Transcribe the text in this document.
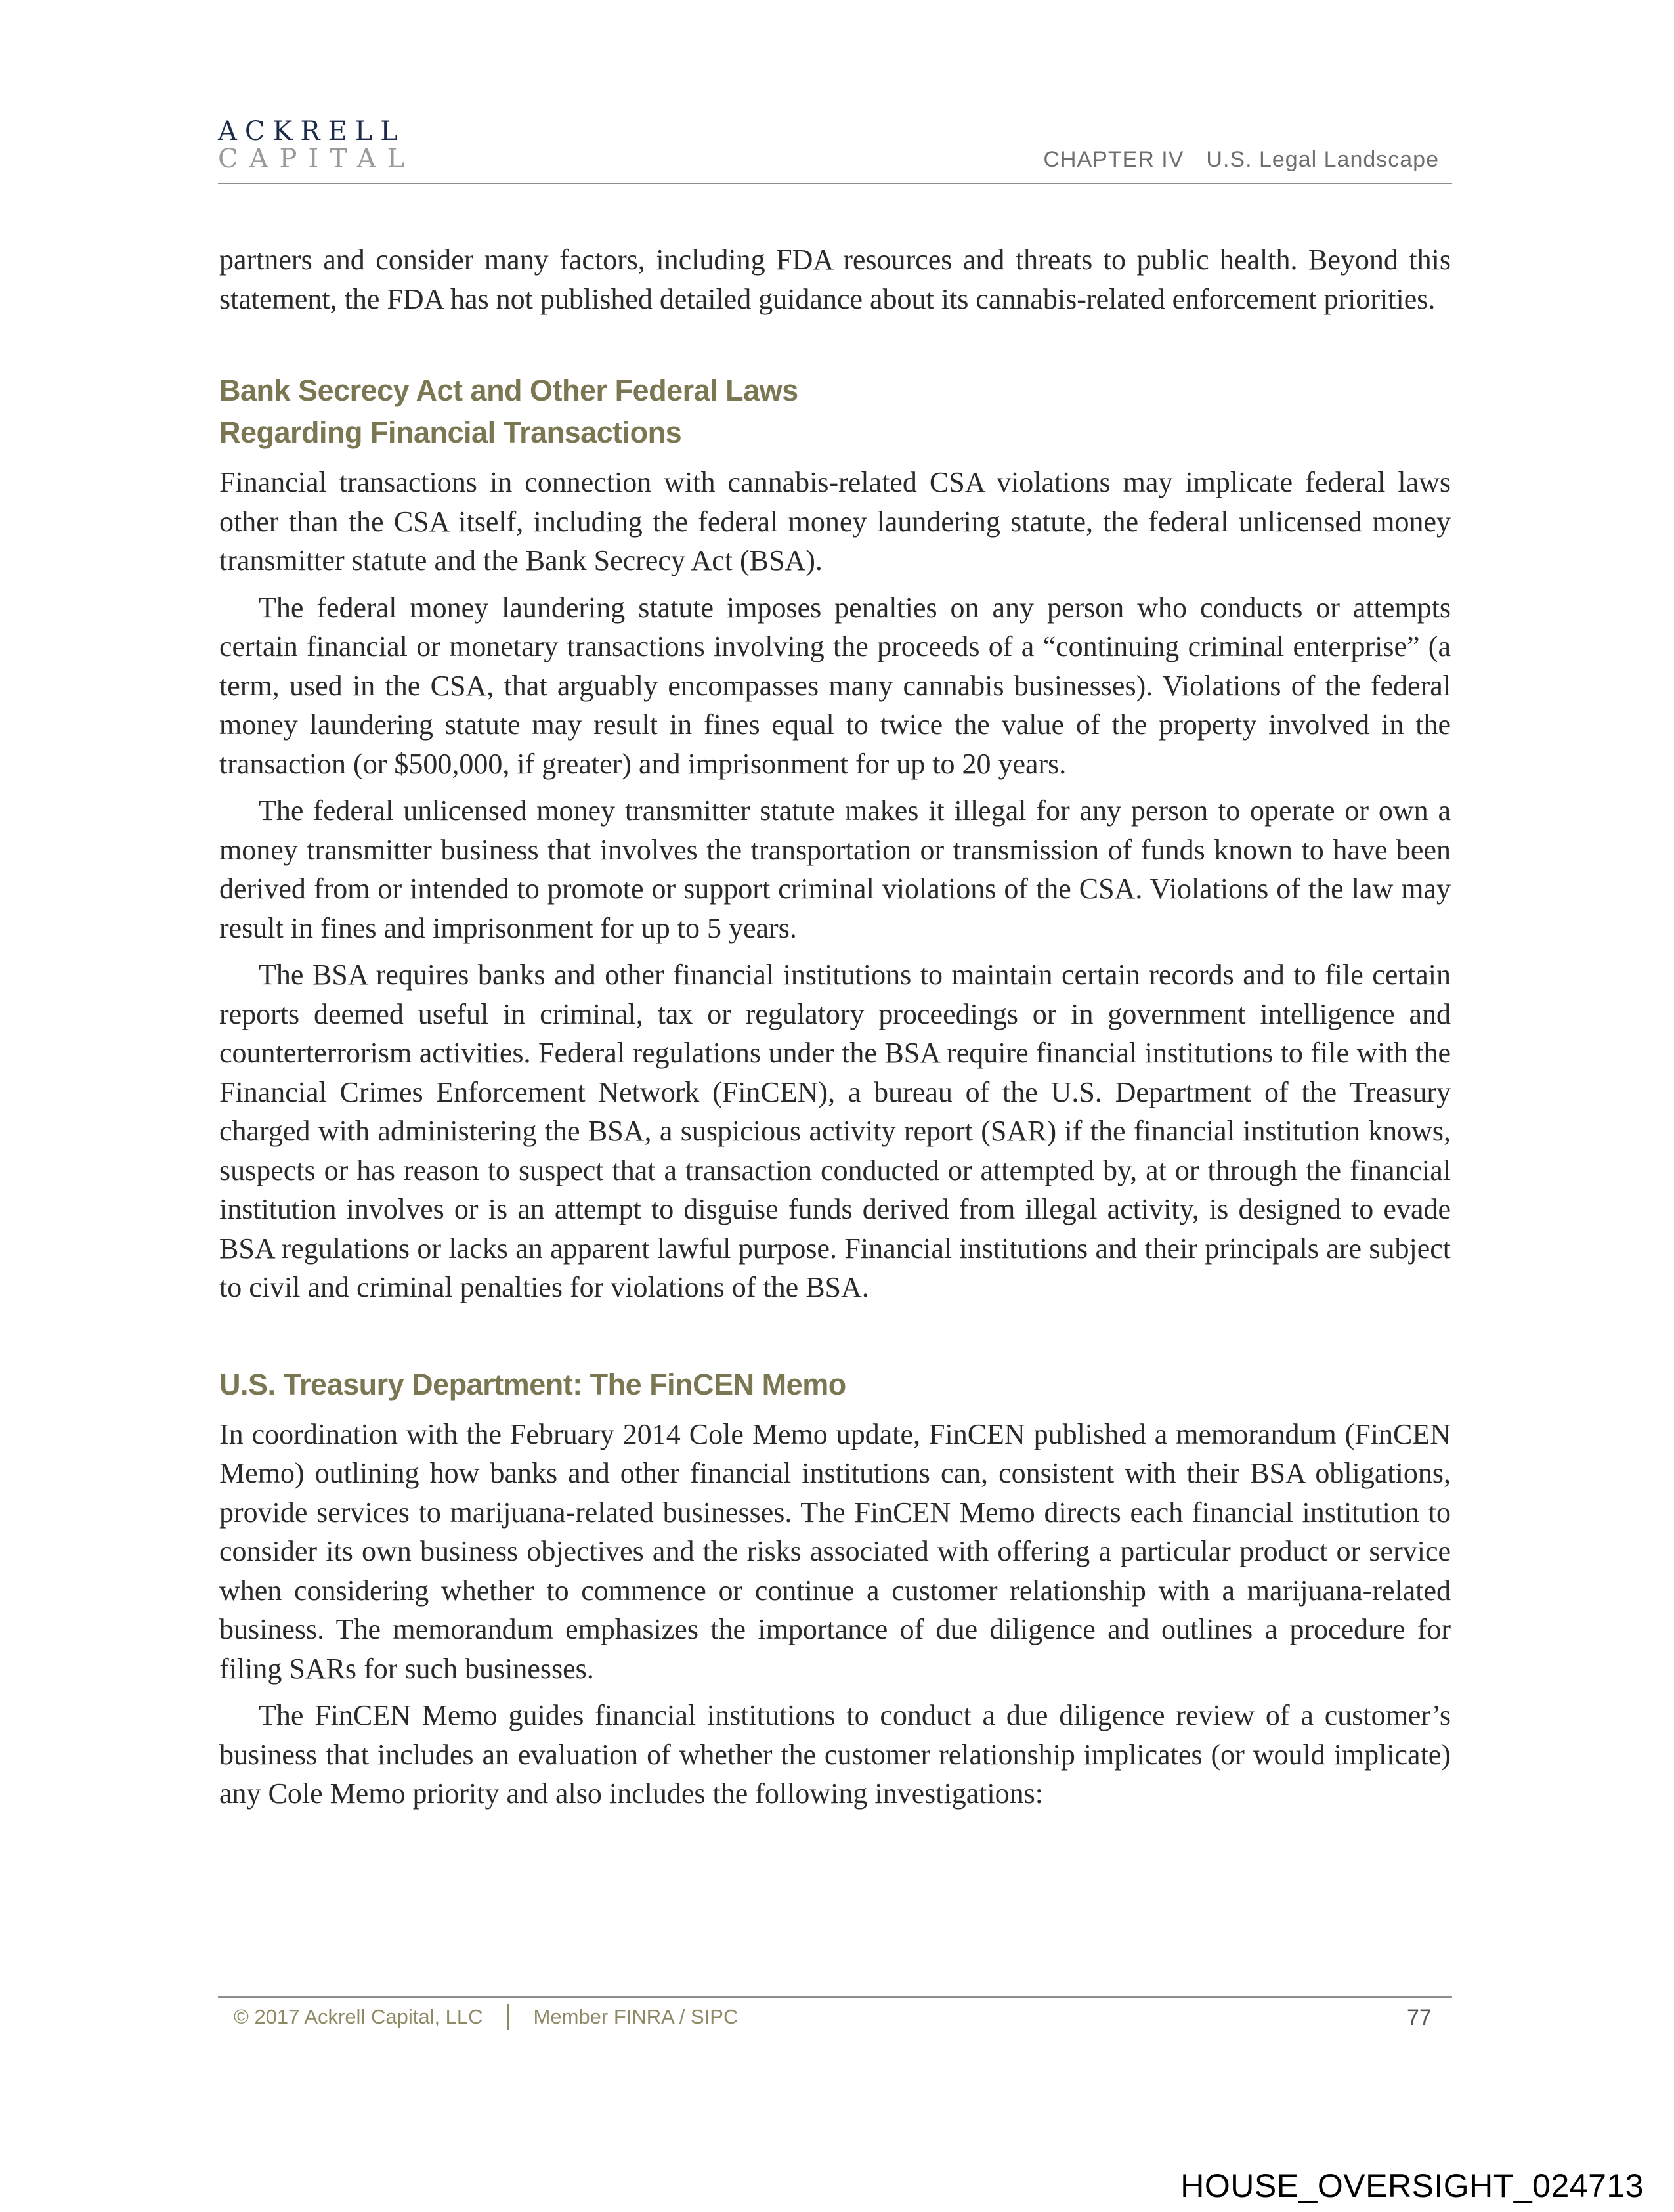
ACKRELL
CAPITAL	CHAPTER IV U.S. Legal Landscape

partners and consider many factors, including FDA resources and threats to public health. Beyond this statement, the FDA has not published detailed guidance about its cannabis-related enforcement priorities.

Bank Secrecy Act and Other Federal Laws
Regarding Financial Transactions

Financial transactions in connection with cannabis-related CSA violations may implicate federal laws other than the CSA itself, including the federal money laundering statute, the federal unlicensed money transmitter statute and the Bank Secrecy Act (BSA).

The federal money laundering statute imposes penalties on any person who conducts or attempts certain financial or monetary transactions involving the proceeds of a “continuing criminal enterprise” (a term, used in the CSA, that arguably encompasses many cannabis businesses). Violations of the federal money laundering statute may result in fines equal to twice the value of the property involved in the transaction (or $500,000, if greater) and imprisonment for up to 20 years.

The federal unlicensed money transmitter statute makes it illegal for any person to operate or own a money transmitter business that involves the transportation or transmission of funds known to have been derived from or intended to promote or support criminal violations of the CSA. Violations of the law may result in fines and imprisonment for up to 5 years.

The BSA requires banks and other financial institutions to maintain certain records and to file certain reports deemed useful in criminal, tax or regulatory proceedings or in government intelligence and counterterrorism activities. Federal regulations under the BSA require financial institutions to file with the Financial Crimes Enforcement Network (FinCEN), a bureau of the U.S. Department of the Treasury charged with administering the BSA, a suspicious activity report (SAR) if the financial institution knows, suspects or has reason to suspect that a transaction conducted or attempted by, at or through the financial institution involves or is an attempt to disguise funds derived from illegal activity, is designed to evade BSA regulations or lacks an apparent lawful purpose. Financial institutions and their principals are subject to civil and criminal penalties for violations of the BSA.

U.S. Treasury Department: The FinCEN Memo

In coordination with the February 2014 Cole Memo update, FinCEN published a memorandum (FinCEN Memo) outlining how banks and other financial institutions can, consistent with their BSA obligations, provide services to marijuana-related businesses. The FinCEN Memo directs each financial institution to consider its own business objectives and the risks associated with offering a particular product or service when considering whether to commence or continue a customer relationship with a marijuana-related business. The memorandum emphasizes the importance of due diligence and outlines a procedure for filing SARs for such businesses.

The FinCEN Memo guides financial institutions to conduct a due diligence review of a customer’s business that includes an evaluation of whether the customer relationship implicates (or would implicate) any Cole Memo priority and also includes the following investigations:

© 2017 Ackrell Capital, LLC Member FINRA / SIPC	77
HOUSE_OVERSIGHT_024713
